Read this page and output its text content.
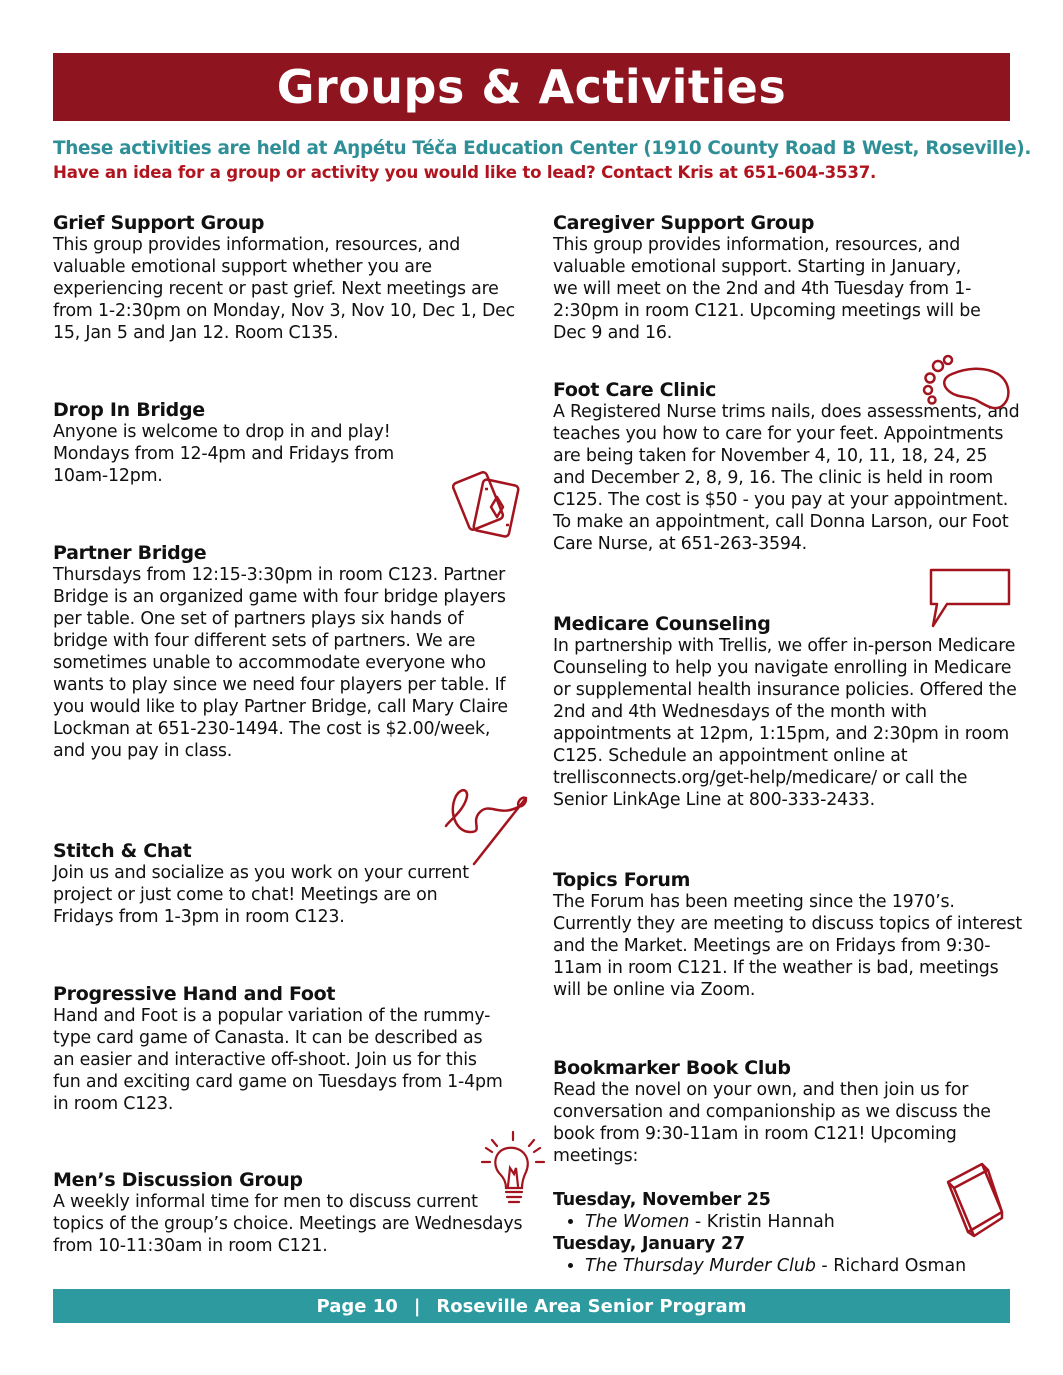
Groups & Activities
These activities are held at Aŋpétu Téča Education Center (1910 County Road B West, Roseville).
Have an idea for a group or activity you would like to lead? Contact Kris at 651-604-3537.
Grief Support Group

This group provides information, resources, and valuable emotional support whether you are experiencing recent or past grief. Next meetings are from 1-2:30pm on Monday, Nov 3, Nov 10, Dec 1, Dec 15, Jan 5 and Jan 12. Room C135.

Drop In Bridge

Anyone is welcome to drop in and play! Mondays from 12-4pm and Fridays from 10am-12pm.

Partner Bridge

Thursdays from 12:15-3:30pm in room C123. Partner Bridge is an organized game with four bridge players per table. One set of partners plays six hands of bridge with four different sets of partners. We are sometimes unable to accommodate everyone who wants to play since we need four players per table. If you would like to play Partner Bridge, call Mary Claire Lockman at 651-230-1494. The cost is $2.00/week, and you pay in class.

Stitch & Chat

Join us and socialize as you work on your current project or just come to chat! Meetings are on Fridays from 1-3pm in room C123.

Progressive Hand and Foot

Hand and Foot is a popular variation of the rummy-type card game of Canasta. It can be described as an easier and interactive off-shoot. Join us for this fun and exciting card game on Tuesdays from 1-4pm in room C123.

Men’s Discussion Group

A weekly informal time for men to discuss current topics of the group’s choice. Meetings are Wednesdays from 10-11:30am in room C121.

Caregiver Support Group

This group provides information, resources, and valuable emotional support. Starting in January, we will meet on the 2nd and 4th Tuesday from 1-2:30pm in room C121. Upcoming meetings will be Dec 9 and 16.

Foot Care Clinic

A Registered Nurse trims nails, does assessments, and teaches you how to care for your feet. Appointments are being taken for November 4, 10, 11, 18, 24, 25 and December 2, 8, 9, 16. The clinic is held in room C125. The cost is $50 - you pay at your appointment. To make an appointment, call Donna Larson, our Foot Care Nurse, at 651-263-3594.

Medicare Counseling

In partnership with Trellis, we offer in-person Medicare Counseling to help you navigate enrolling in Medicare or supplemental health insurance policies. Offered the 2nd and 4th Wednesdays of the month with appointments at 12pm, 1:15pm, and 2:30pm in room C125. Schedule an appointment online at trellisconnects.org/get-help/medicare/ or call the Senior LinkAge Line at 800-333-2433.

Topics Forum

The Forum has been meeting since the 1970’s. Currently they are meeting to discuss topics of interest and the Market. Meetings are on Fridays from 9:30-11am in room C121. If the weather is bad, meetings will be online via Zoom.

Bookmarker Book Club

Read the novel on your own, and then join us for conversation and companionship as we discuss the book from 9:30-11am in room C121! Upcoming meetings:

Tuesday, November 25

• The Women - Kristin Hannah

Tuesday, January 27

• The Thursday Murder Club - Richard Osman
Page 10 | Roseville Area Senior Program
